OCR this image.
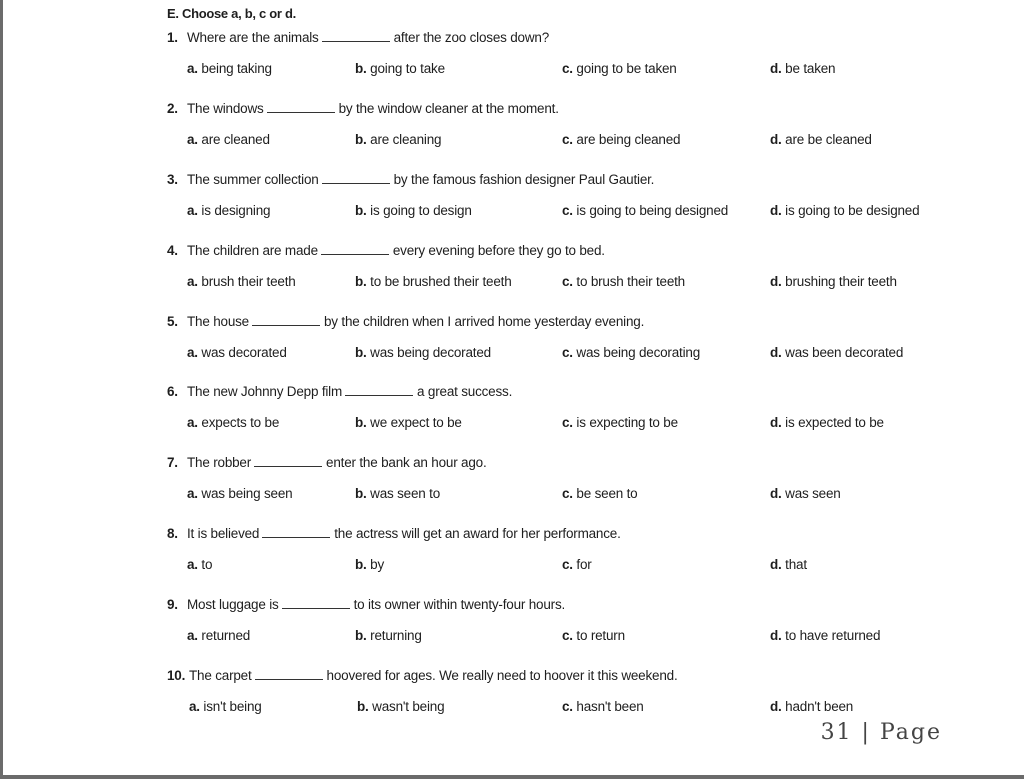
E. Choose a, b, c or d.
1. Where are the animals	after the zoo closes down?
a. being taking	b. going to take	c. going to be taken	d. be taken
2. The windows	by the window cleaner at the moment.
a. are cleaned	b. are cleaning	c. are being cleaned	d. are be cleaned
3. The summer collection	by the famous fashion designer Paul Gautier.
a. is designing	b. is going to design	c. is going to being designed	d. is going to be designed
4. The children are made	every evening before they go to bed.
a. brush their teeth	b. to be brushed their teeth	c. to brush their teeth	d. brushing their teeth
5. The house	by the children when I arrived home yesterday evening.
a. was decorated	b. was being decorated	c. was being decorating	d. was been decorated
6. The new Johnny Depp film	a great success.
a. expects to be	b. we expect to be	c. is expecting to be	d. is expected to be
7. The robber	enter the bank an hour ago.
a. was being seen	b. was seen to	c. be seen to	d. was seen
8. It is believed	the actress will get an award for her performance.
a. to	b. by	c. for	d. that
9. Most luggage is	to its owner within twenty-four hours.
a. returned	b. returning	c. to return	d. to have returned
10. The carpet	hoovered for ages. We really need to hoover it this weekend.
a. isn't being	b. wasn't being	c. hasn't been	d. hadn't been
31 | Page
